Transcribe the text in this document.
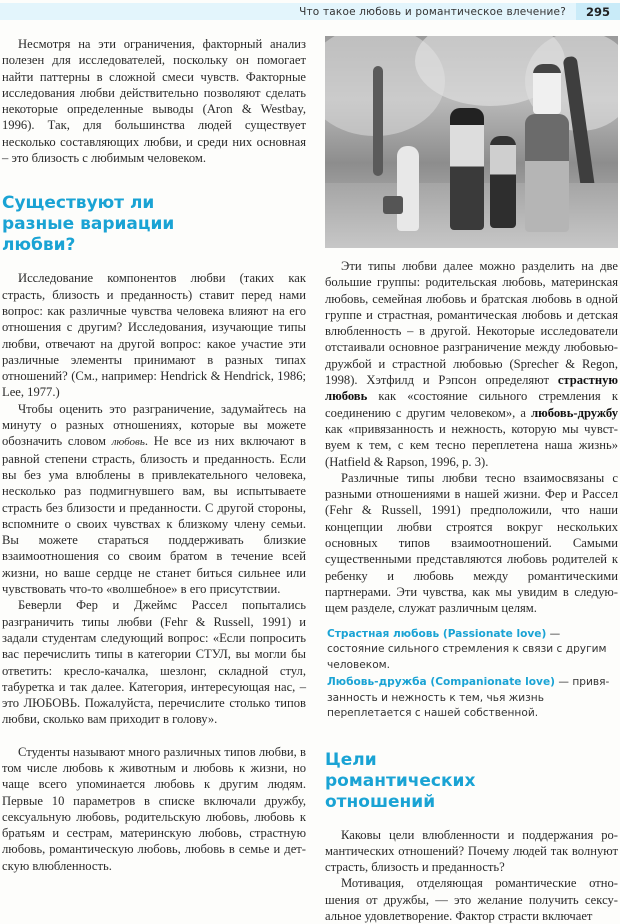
Что такое любовь и романтическое влечение?	295

Несмотря на эти ограничения, факторный анализ полезен для исследователей, поскольку он помогает найти паттерны в сложной смеси чувств. Факторные исследования любви действительно позволяют сделать некоторые определенные выводы (Aron & Westbay, 1996). Так, для большинства людей существует несколько составляющих любви, и среди них основная – это близость с любимым человеком.

Существуют ли разные вариации любви?

Исследование компонентов любви (таких как страсть, близость и преданность) ставит перед нами вопрос: как различные чувства человека влияют на его отношения с другим? Исследования, изучающие типы любви, отвечают на другой вопрос: какое участие эти различные элементы принимают в разных типах отношений? (См., например: Hendrick & Hendrick, 1986; Lee, 1977.)

Чтобы оценить это разграничение, задумайтесь на минуту о разных отношениях, которые вы можете обозначить словом любовь. Не все из них включают в равной степени страсть, близость и преданность. Если вы без ума влюблены в привлекательного человека, несколько раз подмигнувшего вам, вы испытываете страсть без близости и преданности. С другой стороны, вспомните о своих чувствах к близкому члену семьи. Вы можете стараться поддерживать близкие взаимоотношения со своим братом в течение всей жизни, но ваше сердце не станет биться сильнее или чувствовать что-то «волшебное» в его присутствии.

Беверли Фер и Джеймс Рассел попытались разграничить типы любви (Fehr & Russell, 1991) и задали студентам следующий вопрос: «Если попросить вас перечислить типы в категории СТУЛ, вы могли бы ответить: кресло-качалка, шезлонг, складной стул, табуретка и так далее. Категория, интересующая нас, – это ЛЮБОВЬ. Пожалуйста, перечислите столько типов любви, сколько вам приходит в голову».

Студенты называют много различных типов любви, в том числе любовь к животным и любовь к жизни, но чаще всего упоминается любовь к другим людям. Первые 10 параметров в списке включали дружбу, сексуальную любовь, родительскую любовь, любовь к братьям и сестрам, материнскую любовь, страстную любовь, романтическую любовь, любовь в семье и детскую влюбленность.

Эти типы любви далее можно разделить на две большие группы: родительская любовь, материнская любовь, семейная любовь и братская любовь в одной группе и страстная, романтическая любовь и детская влюбленность – в другой. Некоторые исследователи отстаивали основное разграничение между любовью-дружбой и страстной любовью (Sprecher & Regon, 1998). Хэтфилд и Рэпсон определяют страстную любовь как «состояние сильного стремления к соединению с другим человеком», а любовь-дружбу как «привязанность и нежность, которую мы чувствуем к тем, с кем тесно переплетена наша жизнь» (Hatfield & Rapson, 1996, p. 3).

Различные типы любви тесно взаимосвязаны с разными отношениями в нашей жизни. Фер и Рассел (Fehr & Russell, 1991) предположили, что наши концепции любви строятся вокруг нескольких основных типов взаимоотношений. Самыми существенными представляются любовь родителей к ребенку и любовь между романтическими партнерами. Эти чувства, как мы увидим в следующем разделе, служат различным целям.

Страстная любовь (Passionate love) — состояние сильного стремления к связи с другим человеком.

Любовь-дружба (Companionate love) — привязанность и нежность к тем, чья жизнь переплетается с нашей собственной.

Цели романтических отношений

Каковы цели влюбленности и поддержания романтических отношений? Почему людей так волнуют страсть, близость и преданность?

Мотивация, отделяющая романтические отношения от дружбы, — это желание получить сексуальное удовлетворение. Фактор страсти включает
